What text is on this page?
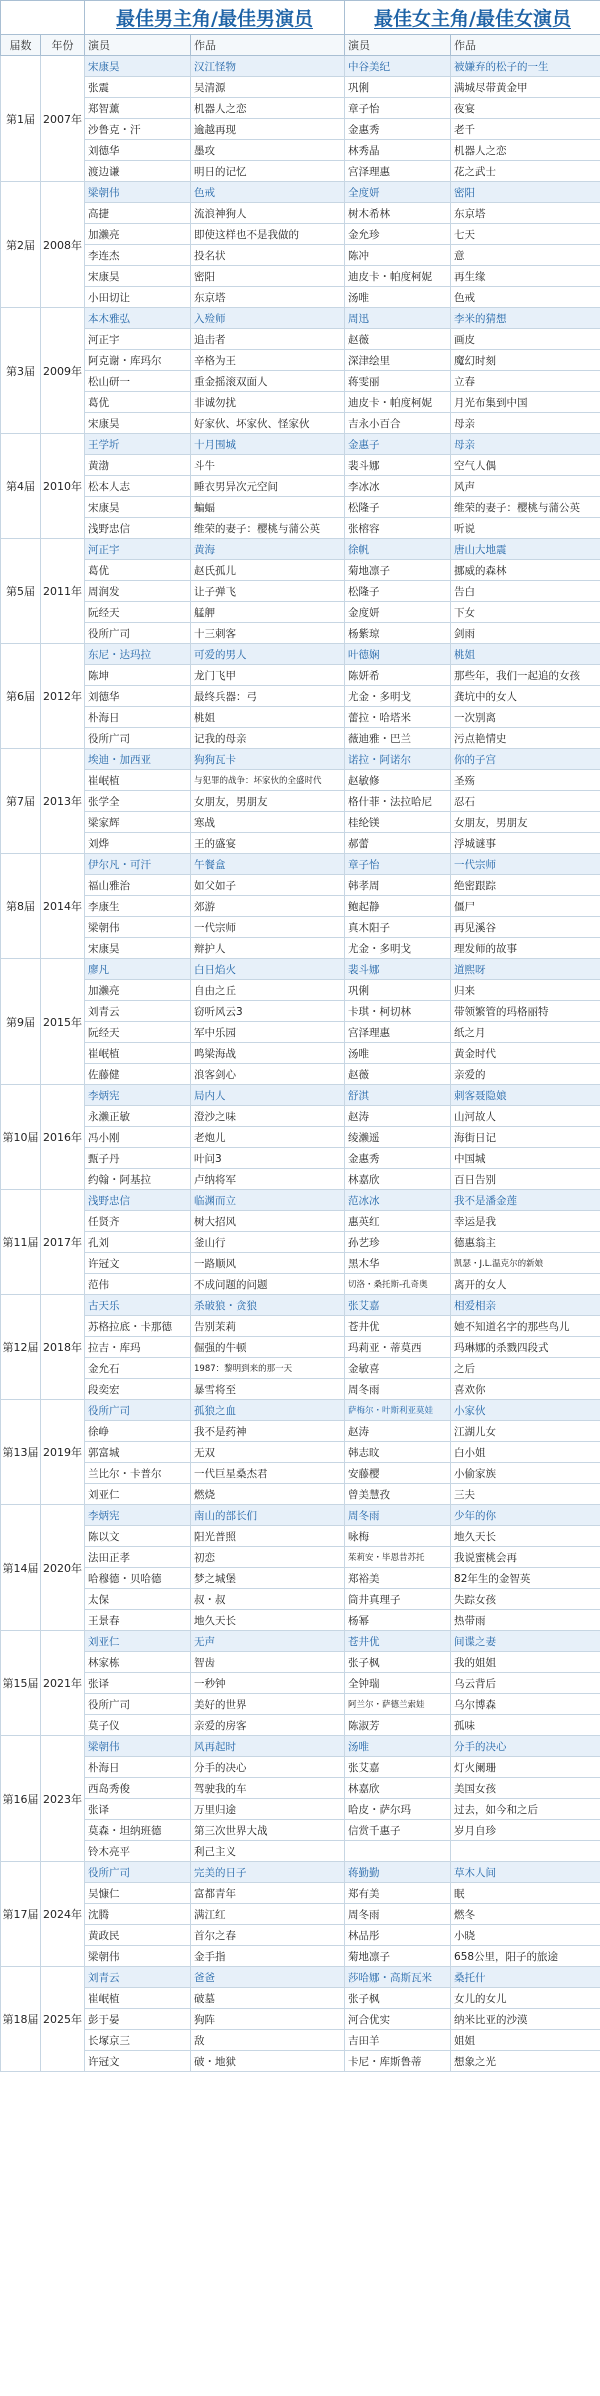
		最佳男主角/最佳男演员		最佳女主角/最佳女演员	
届数	年份	演员	作品	演员	作品
第1届	2007年	宋康昊	汉江怪物	中谷美纪	被嫌弃的松子的一生
		张震	吴清源	巩俐	满城尽带黄金甲
		郑智薰	机器人之恋	章子怡	夜宴
		沙鲁克・汗	逾越再现	金惠秀	老千
		刘德华	墨攻	林秀晶	机器人之恋
		渡边谦	明日的记忆	宫泽理惠	花之武士
第2届	2008年	梁朝伟	色戒	全度妍	密阳
		高捷	流浪神狗人	树木希林	东京塔
		加濑亮	即使这样也不是我做的	金允珍	七天
		李连杰	投名状	陈冲	意
		宋康昊	密阳	迪皮卡・帕度柯妮	再生缘
		小田切让	东京塔	汤唯	色戒
第3届	2009年	本木雅弘	入殓师	周迅	李米的猜想
		河正宇	追击者	赵薇	画皮
		阿克谢・库玛尔	辛格为王	深津绘里	魔幻时刻
		松山研一	重金摇滚双面人	蒋雯丽	立春
		葛优	非诚勿扰	迪皮卡・帕度柯妮	月光布集到中国
		宋康昊	好家伙、坏家伙、怪家伙	吉永小百合	母亲
第4届	2010年	王学圻	十月围城	金惠子	母亲
		黄渤	斗牛	裴斗娜	空气人偶
		松本人志	睡衣男异次元空间	李冰冰	风声
		宋康昊	蝙蝠	松隆子	维荣的妻子：樱桃与蒲公英
		浅野忠信	维荣的妻子：樱桃与蒲公英	张榕容	听说
第5届	2011年	河正宇	黄海	徐帆	唐山大地震
		葛优	赵氏孤儿	菊地凛子	挪威的森林
		周润发	让子弹飞	松隆子	告白
		阮经天	艋舺	金度妍	下女
		役所广司	十三刺客	杨紫琼	剑雨
第6届	2012年	东尼・达玛拉	可爱的男人	叶德娴	桃姐
		陈坤	龙门飞甲	陈妍希	那些年，我们一起追的女孩
		刘德华	最终兵器：弓	尤金・多明戈	龚坑中的女人
		朴海日	桃姐	蕾拉・哈塔米	一次别离
		役所广司	记我的母亲	薇迪雅・巴兰	污点艳情史
第7届	2013年	埃迪・加西亚	狗狗瓦卡	诺拉・阿诺尔	你的子宫
		崔岷植	与犯罪的战争：坏家伙的全盛时代	赵敏修	圣殇
		张学全	女朋友，男朋友	格什菲・法拉哈尼	忍石
		梁家辉	寒战	桂纶镁	女朋友，男朋友
		刘烨	王的盛宴	郝蕾	浮城谜事
第8届	2014年	伊尔凡・可汗	午餐盒	章子怡	一代宗师
		福山雅治	如父如子	韩孝周	绝密跟踪
		李康生	郊游	鲍起静	僵尸
		梁朝伟	一代宗师	真木阳子	再见溪谷
		宋康昊	辩护人	尤金・多明戈	理发师的故事
第9届	2015年	廖凡	白日焰火	裴斗娜	道熙呀
		加濑亮	自由之丘	巩俐	归来
		刘青云	窃听风云3	卡琪・柯切林	带领繁管的玛格丽特
		阮经天	军中乐园	宫泽理惠	纸之月
		崔岷植	鸣梁海战	汤唯	黄金时代
		佐藤健	浪客剑心	赵薇	亲爱的
第10届	2016年	李炳宪	局内人	舒淇	刺客聂隐娘
		永濑正敏	澄沙之味	赵涛	山河故人
		冯小刚	老炮儿	绫濑遥	海街日记
		甄子丹	叶问3	金惠秀	中国城
		约翰・阿基拉	卢纳将军	林嘉欣	百日告别
第11届	2017年	浅野忠信	临渊而立	范冰冰	我不是潘金莲
		任贤齐	树大招风	惠英红	幸运是我
		孔刘	釜山行	孙艺珍	德惠翁主
		许冠文	一路顺风	黑木华	凯瑟・J.L.温克尔的新娘
		范伟	不成问题的问题	切洛・桑托斯-孔奇奥	离开的女人
第12届	2018年	古天乐	杀破狼・贪狼	张艾嘉	相爱相亲
		苏格拉底・卡那德	告别茉莉	苍井优	她不知道名字的那些鸟儿
		拉吉・库玛	倔强的牛顿	玛莉亚・蒂莫西	玛琳娜的杀戮四段式
		金允石	1987：黎明到来的那一天	金敏喜	之后
		段奕宏	暴雪将至	周冬雨	喜欢你
第13届	2019年	役所广司	孤狼之血	萨梅尔・叶斯利亚莫娃	小家伙
		徐峥	我不是药神	赵涛	江湖儿女
		郭富城	无双	韩志旼	白小姐
		兰比尔・卡普尔	一代巨星桑杰君	安藤樱	小偷家族
		刘亚仁	燃烧	曾美慧孜	三夫
第14届	2020年	李炳宪	南山的部长们	周冬雨	少年的你
		陈以文	阳光普照	咏梅	地久天长
		法田正孝	初恋	茱莉安・毕恩昔苏托	我说蜜桃会再
		哈穆德・贝哈德	梦之城堡	郑裕美	82年生的金智英
		太保	叔・叔	筒井真理子	失踪女孩
		王景春	地久天长	杨幂	热带雨
第15届	2021年	刘亚仁	无声	苍井优	间谍之妻
		林家栋	智齿	张子枫	我的姐姐
		张译	一秒钟	全钟瑞	乌云背后
		役所广司	美好的世界	阿兰尔・萨德兰索娃	乌尔博森
		莫子仪	亲爱的房客	陈淑芳	孤味
第16届	2023年	梁朝伟	风再起时	汤唯	分手的决心
		朴海日	分手的决心	张艾嘉	灯火阑珊
		西岛秀俊	驾驶我的车	林嘉欣	美国女孩
		张译	万里归途	哈皮・萨尔玛	过去，如今和之后
		莫森・坦纳班德	第三次世界大战	信赏千惠子	岁月自珍
		铃木亮平	利己主义		
第17届	2024年	役所广司	完美的日子	蒋勤勤	草木人间
		吴慷仁	富都青年	郑有美	眠
		沈腾	满江红	周冬雨	燃冬
		黄政民	首尔之春	林品彤	小晓
		梁朝伟	金手指	菊地凛子	658公里，阳子的旅途
第18届	2025年	刘青云	爸爸	莎哈娜・高斯瓦米	桑托什
		崔岷植	破墓	张子枫	女儿的女儿
		彭于晏	狗阵	河合优实	纳米比亚的沙漠
		长塚京三	敌	吉田羊	姐姐
		许冠文	破・地狱	卡尼・库斯鲁蒂	想象之光
